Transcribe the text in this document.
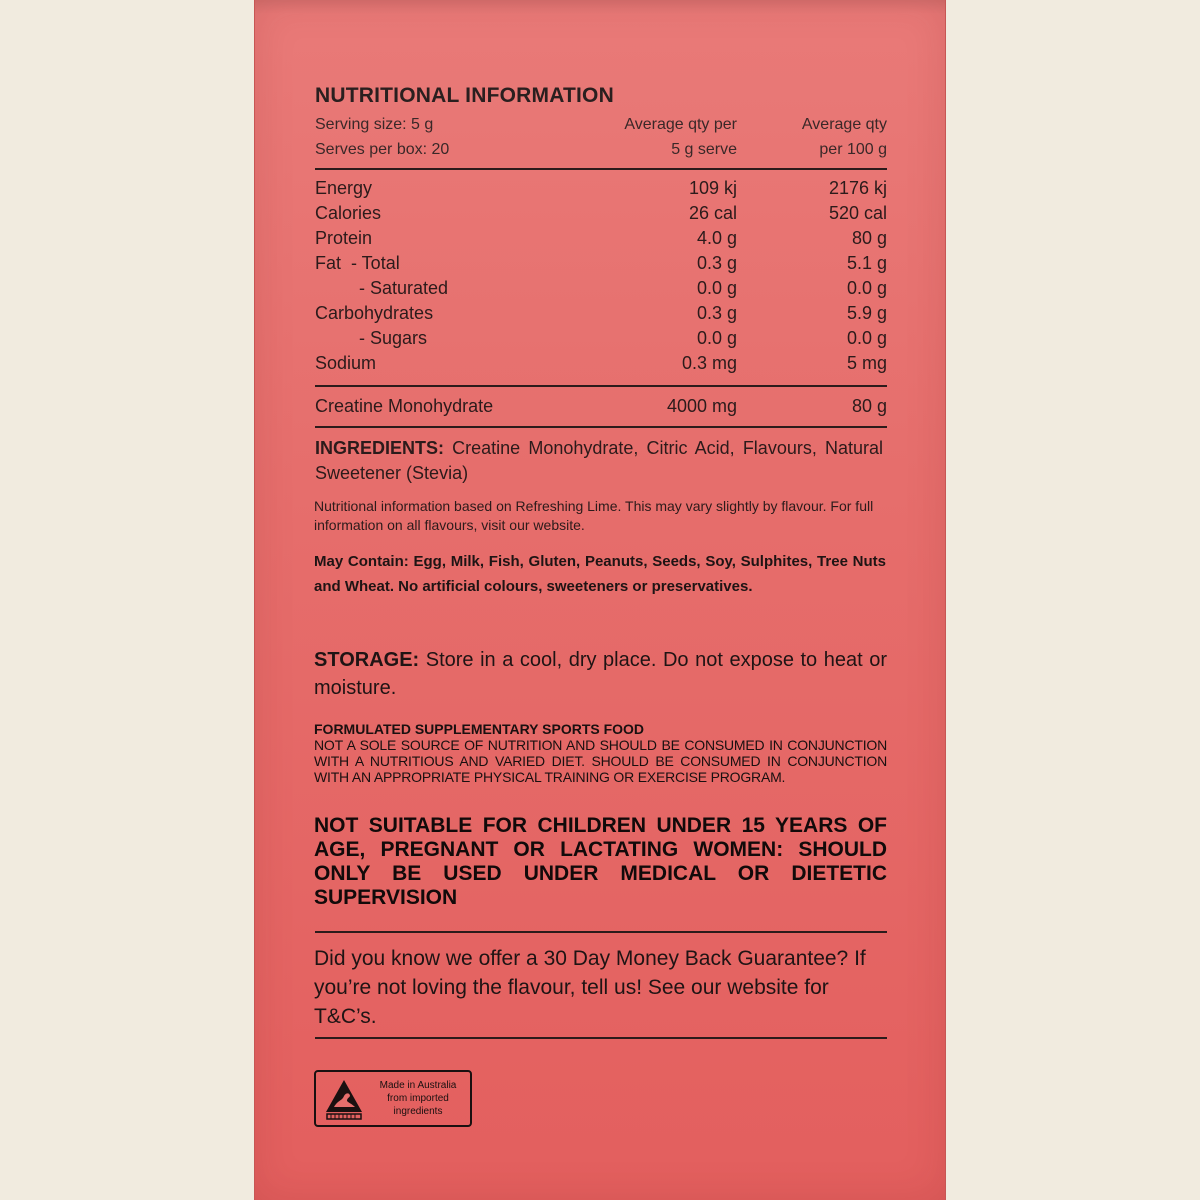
NUTRITIONAL INFORMATION
Serving size: 5 g	Average qty per	Average qty
Serves per box: 20	5 g serve	per 100 g
Energy	109 kj	2176 kj
Calories	26 cal	520 cal
Protein	4.0 g	80 g
Fat  - Total	0.3 g	5.1 g
- Saturated	0.0 g	0.0 g
Carbohydrates	0.3 g	5.9 g
- Sugars	0.0 g	0.0 g
Sodium	0.3 mg	5 mg
Creatine Monohydrate	4000 mg	80 g
INGREDIENTS: Creatine Monohydrate, Citric Acid, Flavours, Natural Sweetener (Stevia)
Nutritional information based on Refreshing Lime. This may vary slightly by flavour. For full information on all flavours, visit our website.
May Contain: Egg, Milk, Fish, Gluten, Peanuts, Seeds, Soy, Sulphites, Tree Nuts and Wheat. No artificial colours, sweeteners or preservatives.
STORAGE: Store in a cool, dry place. Do not expose to heat or moisture.
FORMULATED SUPPLEMENTARY SPORTS FOOD
NOT A SOLE SOURCE OF NUTRITION AND SHOULD BE CONSUMED IN CONJUNCTION WITH A NUTRITIOUS AND VARIED DIET. SHOULD BE CONSUMED IN CONJUNCTION WITH AN APPROPRIATE PHYSICAL TRAINING OR EXERCISE PROGRAM.
NOT SUITABLE FOR CHILDREN UNDER 15 YEARS OF AGE, PREGNANT OR LACTATING WOMEN: SHOULD ONLY BE USED UNDER MEDICAL OR DIETETIC SUPERVISION
Did you know we offer a 30 Day Money Back Guarantee? If you’re not loving the flavour, tell us! See our website for T&C’s.
Made in Australia
from imported
ingredients
